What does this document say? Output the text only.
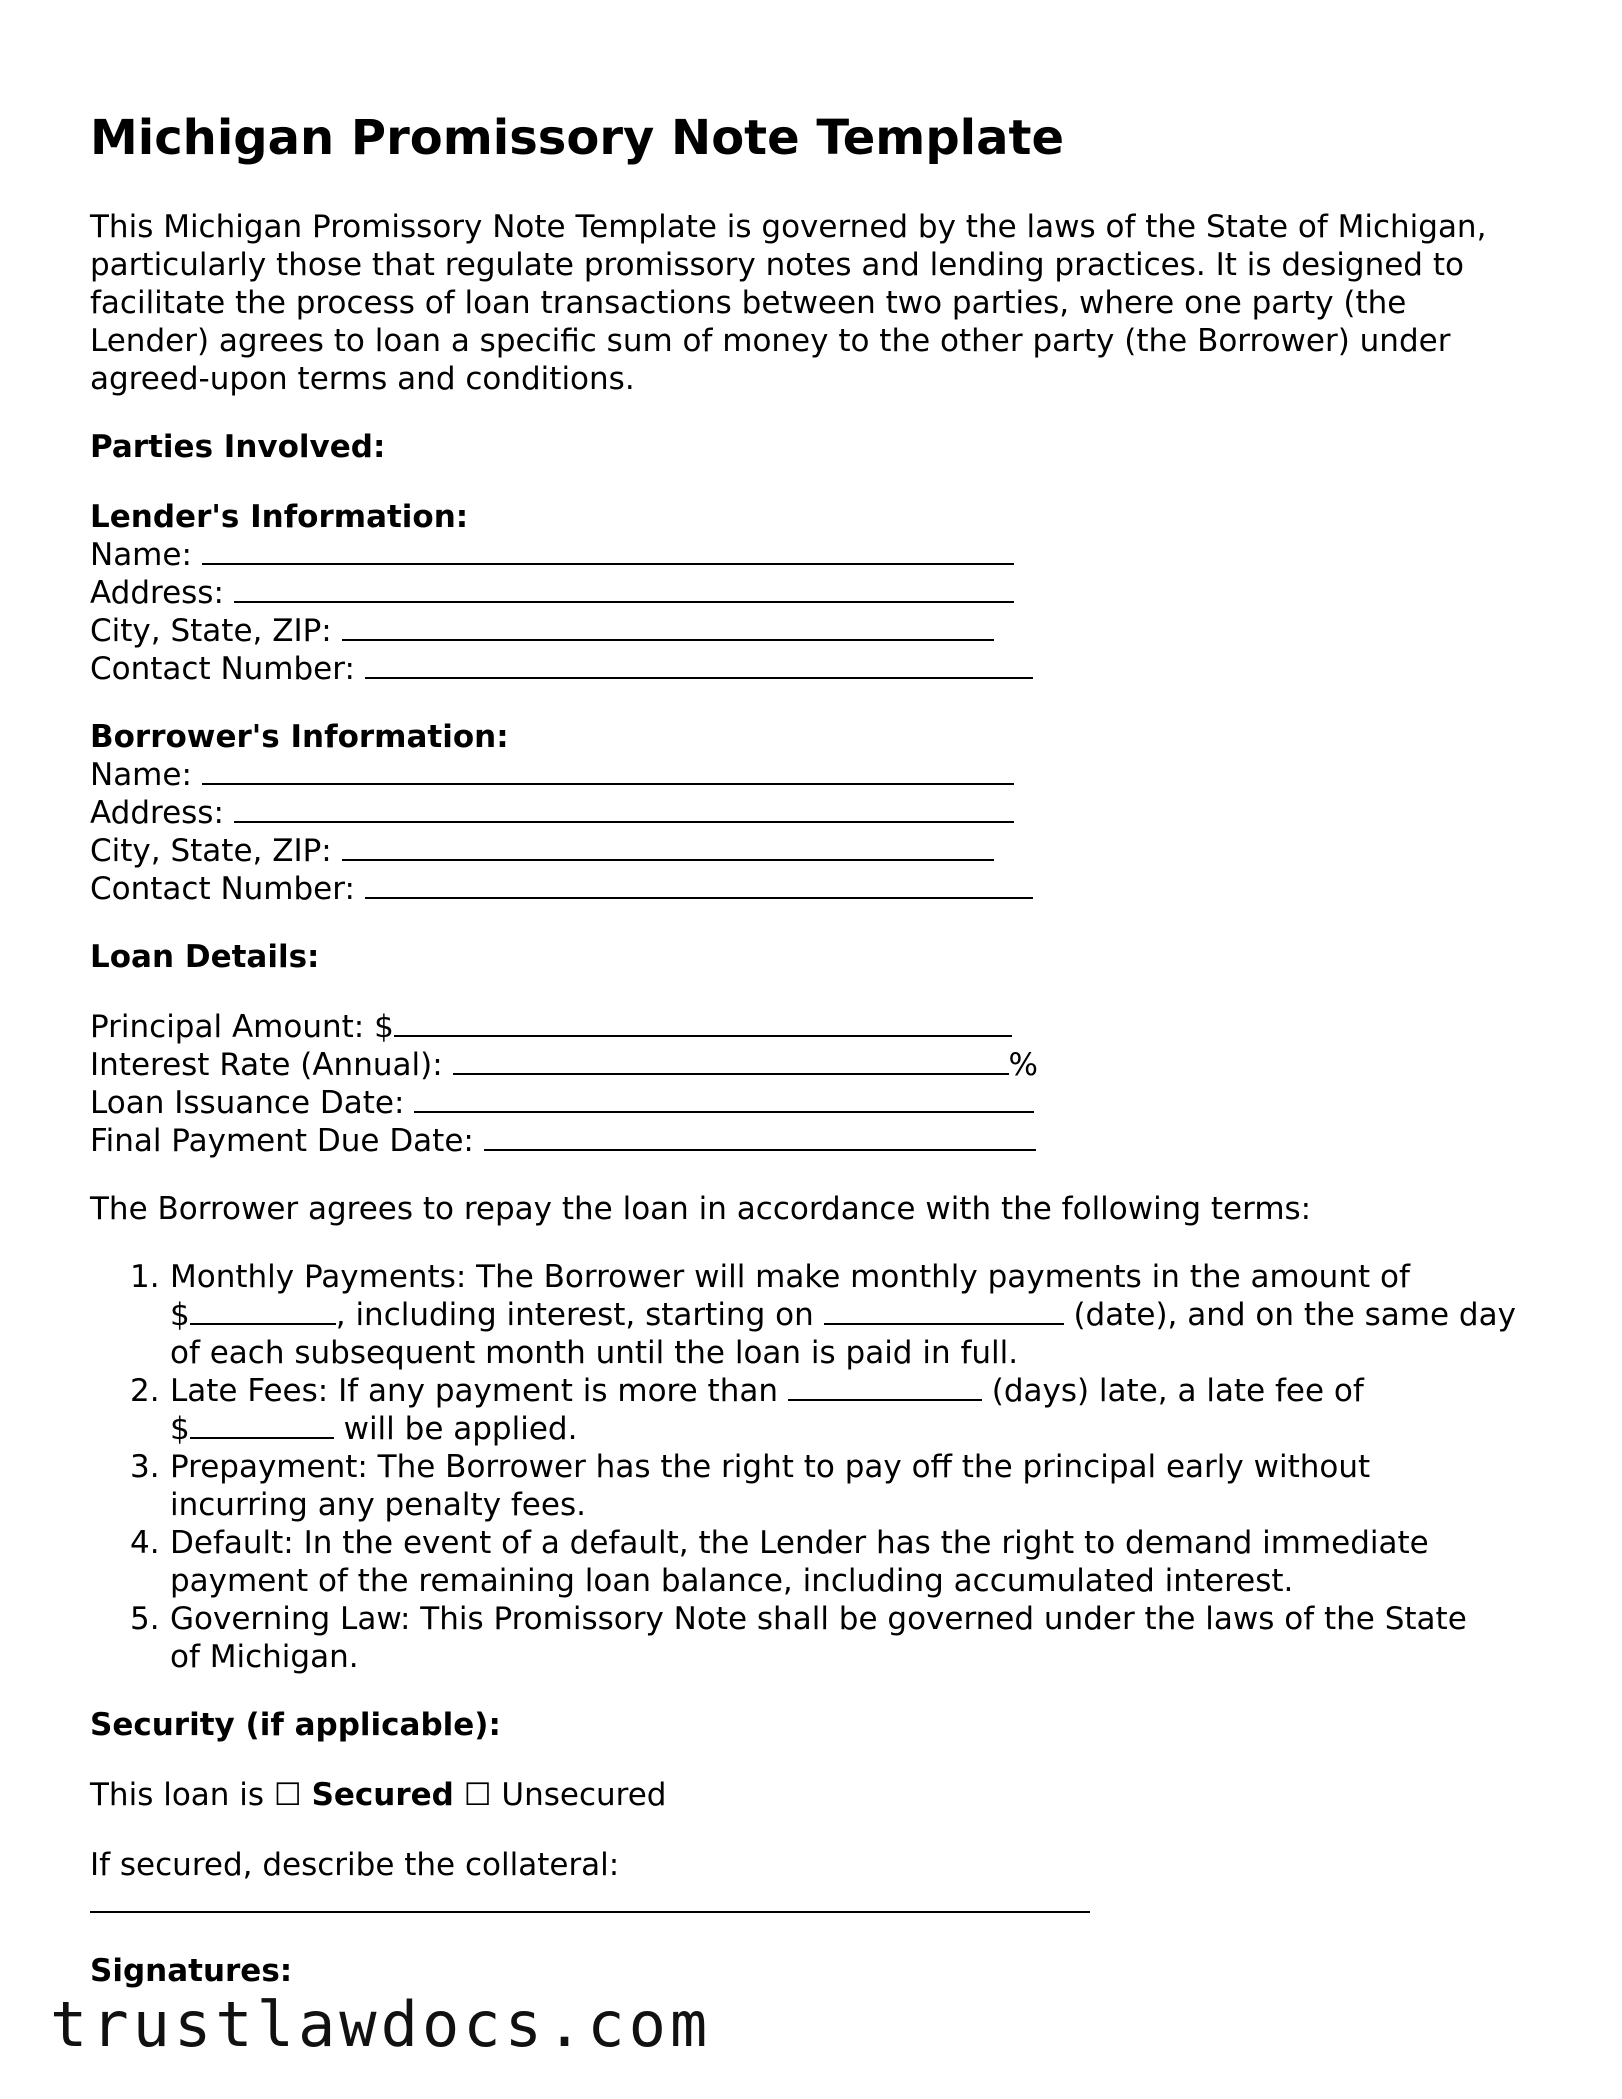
Michigan Promissory Note Template
This Michigan Promissory Note Template is governed by the laws of the State of Michigan,
particularly those that regulate promissory notes and lending practices. It is designed to
facilitate the process of loan transactions between two parties, where one party (the
Lender) agrees to loan a specific sum of money to the other party (the Borrower) under
agreed-upon terms and conditions.
Parties Involved:
Lender's Information:
Name:
Address:
City, State, ZIP:
Contact Number:
Borrower's Information:
Name:
Address:
City, State, ZIP:
Contact Number:
Loan Details:
Principal Amount: $
Interest Rate (Annual):	%
Loan Issuance Date:
Final Payment Due Date:
The Borrower agrees to repay the loan in accordance with the following terms:
1. Monthly Payments: The Borrower will make monthly payments in the amount of
$	, including interest, starting on	(date), and on the same day
of each subsequent month until the loan is paid in full.
2. Late Fees: If any payment is more than	(days) late, a late fee of
$	will be applied.
3. Prepayment: The Borrower has the right to pay off the principal early without
incurring any penalty fees.
4. Default: In the event of a default, the Lender has the right to demand immediate
payment of the remaining loan balance, including accumulated interest.
5. Governing Law: This Promissory Note shall be governed under the laws of the State
of Michigan.
Security (if applicable):
This loan is ☐ Secured ☐ Unsecured
If secured, describe the collateral:
Signatures:
trustlawdocs.com
